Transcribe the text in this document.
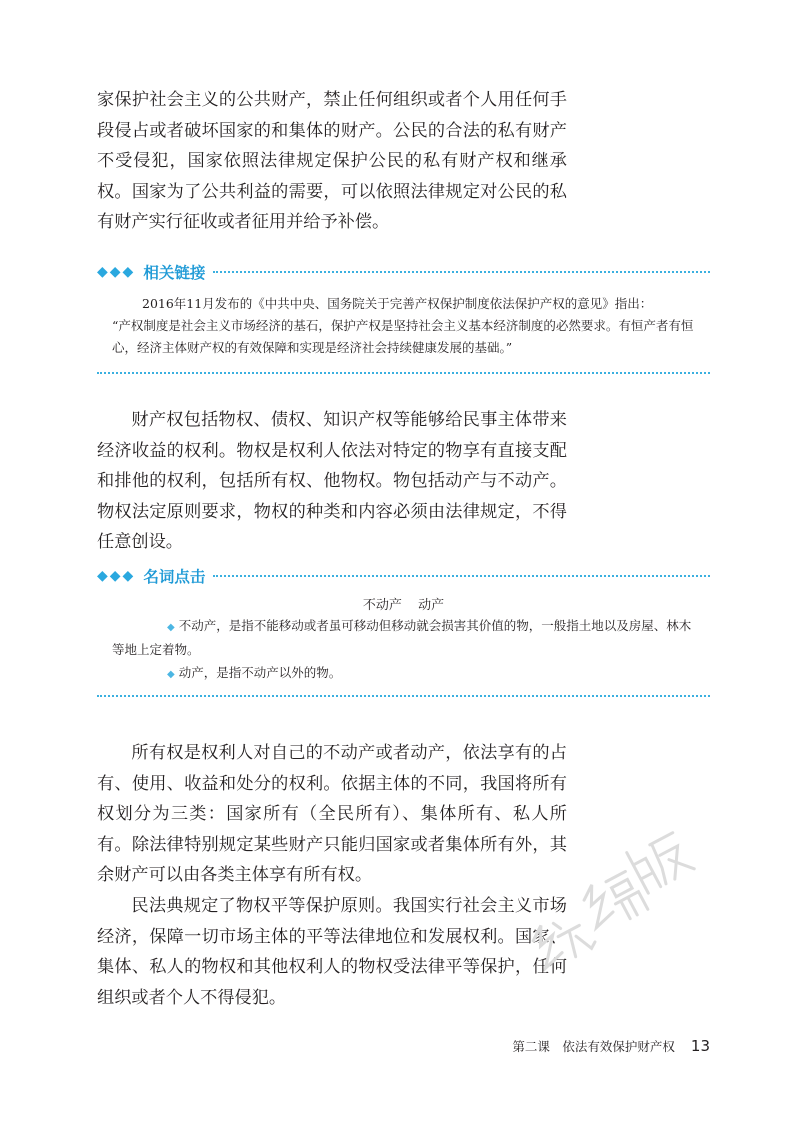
家保护社会主义的公共财产，禁止任何组织或者个人用任何手段侵占或者破坏国家的和集体的财产。公民的合法的私有财产不受侵犯，国家依照法律规定保护公民的私有财产权和继承权。国家为了公共利益的需要，可以依照法律规定对公民的私有财产实行征收或者征用并给予补偿。

◆◆◆ 相关链接

2016年11月发布的《中共中央、国务院关于完善产权保护制度依法保护产权的意见》指出：

“产权制度是社会主义市场经济的基石，保护产权是坚持社会主义基本经济制度的必然要求。有恒产者有恒心，经济主体财产权的有效保障和实现是经济社会持续健康发展的基础。”

财产权包括物权、债权、知识产权等能够给民事主体带来经济收益的权利。物权是权利人依法对特定的物享有直接支配和排他的权利，包括所有权、他物权。物包括动产与不动产。物权法定原则要求，物权的种类和内容必须由法律规定，不得任意创设。

◆◆◆ 名词点击
不动产 动产

◆ 不动产，是指不能移动或者虽可移动但移动就会损害其价值的物，一般指土地以及房屋、林木等地上定着物。

◆ 动产，是指不动产以外的物。

所有权是权利人对自己的不动产或者动产，依法享有的占有、使用、收益和处分的权利。依据主体的不同，我国将所有权划分为三类：国家所有（全民所有）、集体所有、私人所有。除法律特别规定某些财产只能归国家或者集体所有外，其余财产可以由各类主体享有所有权。
民法典规定了物权平等保护原则。我国实行社会主义市场经济，保障一切市场主体的平等法律地位和发展权利。国家、集体、私人的物权和其他权利人的物权受法律平等保护，任何组织或者个人不得侵犯。
第二课　依法有效保护财产权 13
